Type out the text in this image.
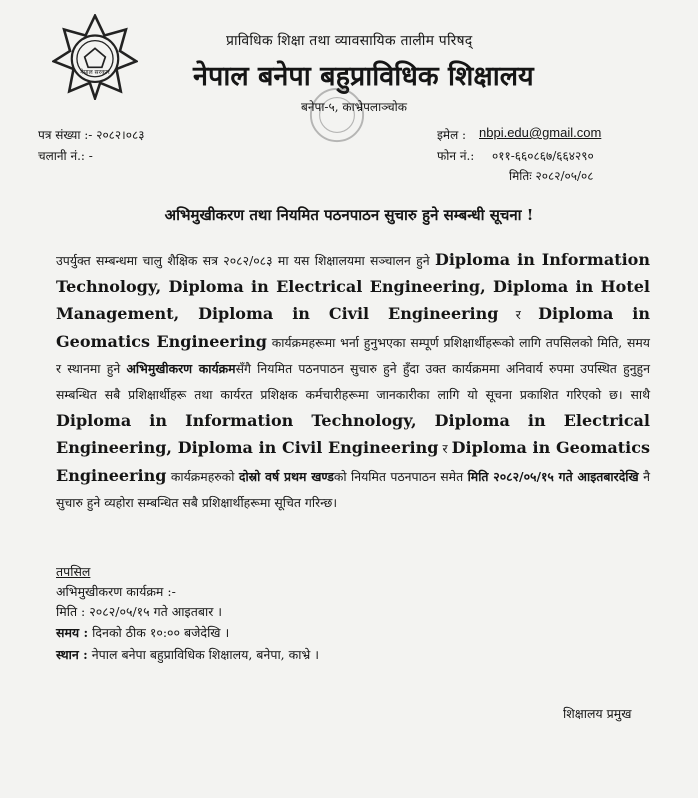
नेपाल सरकार
प्राविधिक शिक्षा तथा व्यावसायिक तालीम परिषद्
नेपाल बनेपा बहुप्राविधिक शिक्षालय
बनेपा-५, काभ्रेपलाञ्चोक
पत्र संख्या :- २०८२।०८३
चलानी नं.: -
इमेल : nbpi.edu@gmail.com
फोन नं.: ०११-६६०८६७/६६४२९०
मितिः २०८२/०५/०८
अभिमुखीकरण तथा नियमित पठनपाठन सुचारु हुने सम्बन्धी सूचना !
उपर्युक्त सम्बन्धमा चालु शैक्षिक सत्र २०८२/०८३ मा यस शिक्षालयमा सञ्चालन हुने Diploma in Information Technology, Diploma in Electrical Engineering, Diploma in Hotel Management, Diploma in Civil Engineering र Diploma in Geomatics Engineering कार्यक्रमहरूमा भर्ना हुनुभएका सम्पूर्ण प्रशिक्षार्थीहरूको लागि तपसिलको मिति, समय र स्थानमा हुने अभिमुखीकरण कार्यक्रमसँगै नियमित पठनपाठन सुचारु हुने हुँदा उक्त कार्यक्रममा अनिवार्य रुपमा उपस्थित हुनुहुन सम्बन्धित सबै प्रशिक्षार्थीहरू तथा कार्यरत प्रशिक्षक कर्मचारीहरूमा जानकारीका लागि यो सूचना प्रकाशित गरिएको छ। साथै Diploma in Information Technology, Diploma in Electrical Engineering, Diploma in Civil Engineering र Diploma in Geomatics Engineering कार्यक्रमहरुको दोस्रो वर्ष प्रथम खण्डको नियमित पठनपाठन समेत मिति २०८२/०५/१५ गते आइतबारदेखि नै सुचारु हुने व्यहोरा सम्बन्धित सबै प्रशिक्षार्थीहरूमा सूचित गरिन्छ।
तपसिल
अभिमुखीकरण कार्यक्रम :-
मिति : २०८२/०५/१५ गते आइतबार ।
समय : दिनको ठीक १०:०० बजेदेखि ।
स्थान : नेपाल बनेपा बहुप्राविधिक शिक्षालय, बनेपा, काभ्रे ।
शिक्षालय प्रमुख
